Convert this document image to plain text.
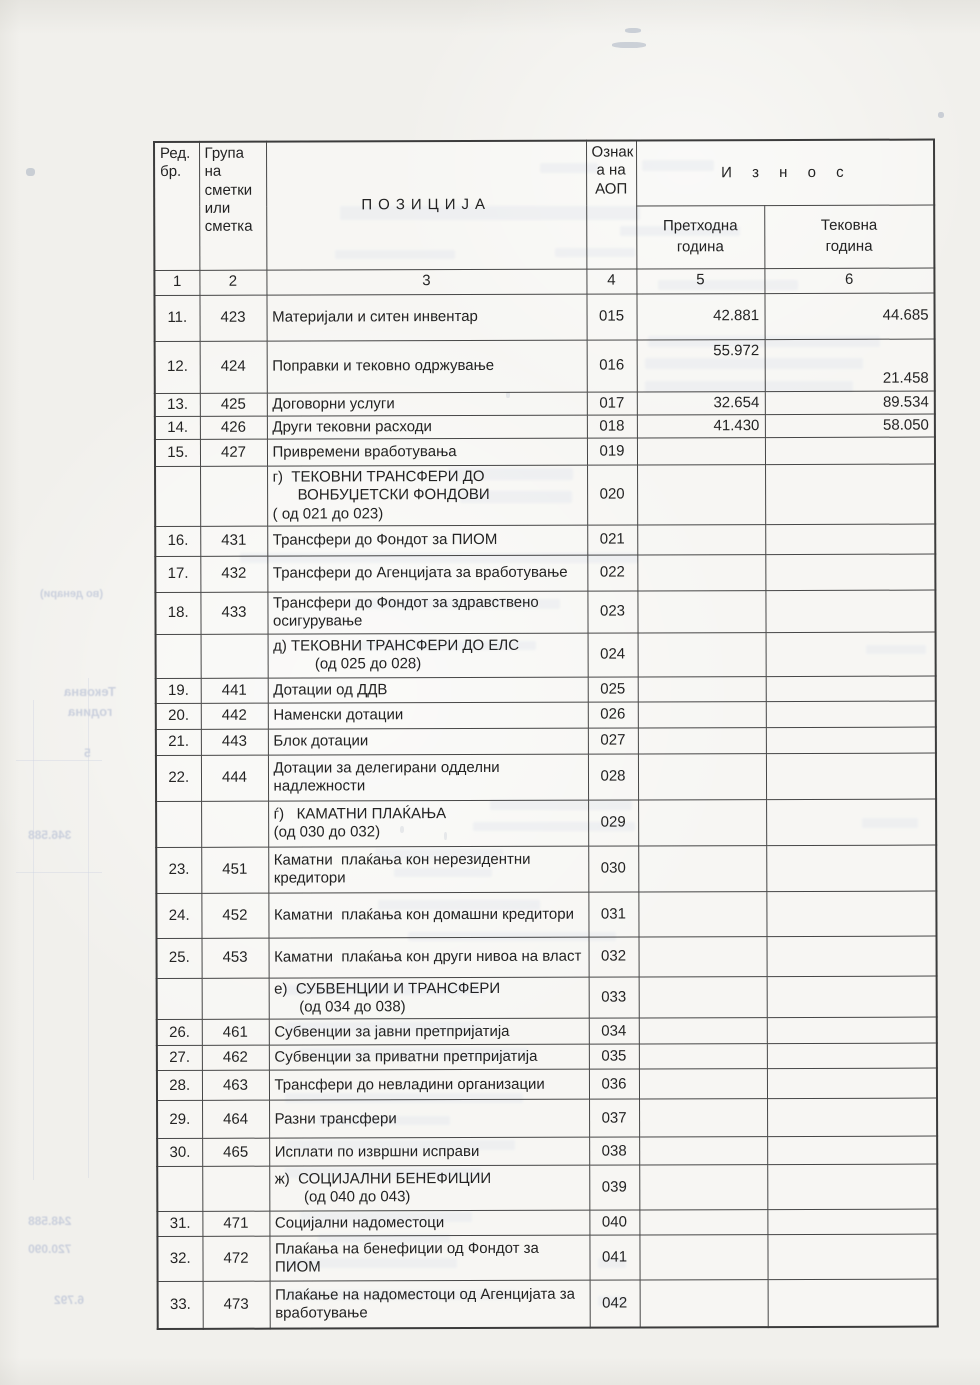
(во денари)
Тековна
година
5
346.588
248.588
720.090
6.792
Ред.
бр.	Група
на
сметки
или
сметка	ПОЗИЦИЈА	Ознак
а на
АОП	И з н о с	
				Претходна
година	Тековна
година
1	2	3	4	5	6
11.	423	Материјали и ситен инвентар	015	42.881	44.685
12.	424	Поправки и тековно одржување	016	55.972	21.458
13.	425	Договорни услуги	017	32.654	89.534
14.	426	Други тековни расходи	018	41.430	58.050
15.	427	Привремени вработувања	019		
		г)  ТЕКОВНИ ТРАНСФЕРИ ДО
ВОНБУЏЕТСКИ ФОНДОВИ
( од 021 до 023)	020		
16.	431	Трансфери до Фондот за ПИОМ	021		
17.	432	Трансфери до Агенцијата за вработување	022		
18.	433	Трансфери до Фондот за здравствено
осигурување	023		
		д) ТЕКОВНИ ТРАНСФЕРИ ДО ЕЛС
(од 025 до 028)	024		
19.	441	Дотации од ДДВ	025		
20.	442	Наменски дотации	026		
21.	443	Блок дотации	027		
22.	444	Дотации за делегирани одделни
надлежности	028		
		ѓ)   КАМАТНИ ПЛАЌАЊА
(од 030 до 032)	029		
23.	451	Каматни  плаќања кон нерезидентни
кредитори	030		
24.	452	Каматни  плаќања кон домашни кредитори	031		
25.	453	Каматни  плаќања кон други нивоа на власт	032		
		е)  СУБВЕНЦИИ И ТРАНСФЕРИ
(од 034 до 038)	033		
26.	461	Субвенции за јавни претпријатија	034		
27.	462	Субвенции за приватни претпријатија	035		
28.	463	Трансфери до невладини организации	036		
29.	464	Разни трансфери	037		
30.	465	Исплати по извршни исправи	038		
		ж)  СОЦИЈАЛНИ БЕНЕФИЦИИ
(од 040 до 043)	039		
31.	471	Социјални надоместоци	040		
32.	472	Плаќања на бенефиции од Фондот за
ПИОМ	041		
33.	473	Плаќање на надоместоци од Агенцијата за
вработување	042		
